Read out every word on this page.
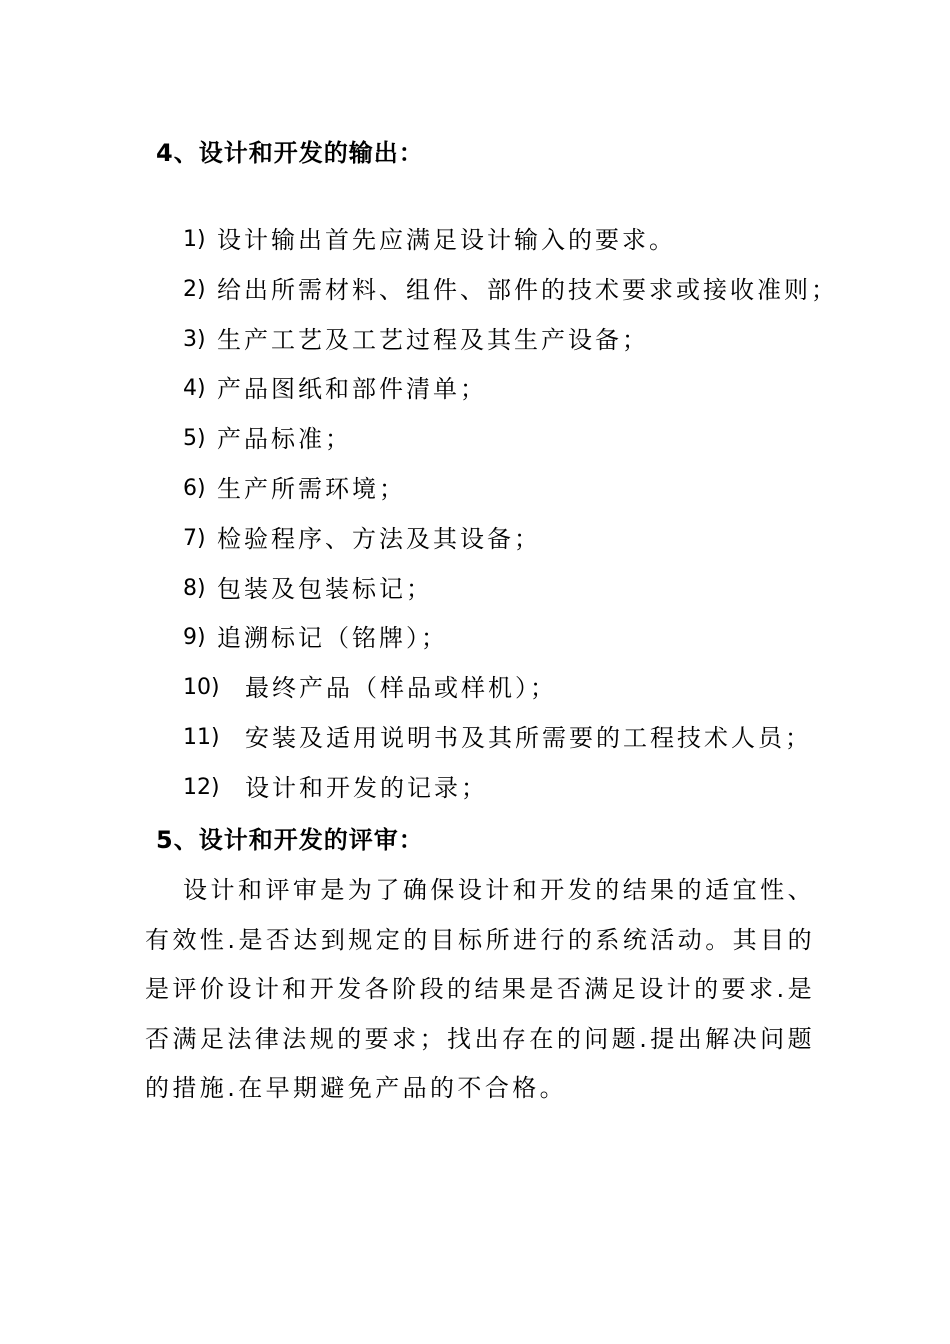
4、设计和开发的输出：
1) 设计输出首先应满足设计输入的要求。
2) 给出所需材料、组件、部件的技术要求或接收准则；
3) 生产工艺及工艺过程及其生产设备；
4) 产品图纸和部件清单；
5) 产品标准；
6) 生产所需环境；
7) 检验程序、方法及其设备；
8) 包装及包装标记；
9) 追溯标记（铭牌）；
10)	最终产品（样品或样机）；
11)	安装及适用说明书及其所需要的工程技术人员；
12)	设计和开发的记录；
5、设计和开发的评审：

设计和评审是为了确保设计和开发的结果的适宜性、有效性.是否达到规定的目标所进行的系统活动。其目的是评价设计和开发各阶段的结果是否满足设计的要求.是否满足法律法规的要求；找出存在的问题.提出解决问题的措施.在早期避免产品的不合格。
